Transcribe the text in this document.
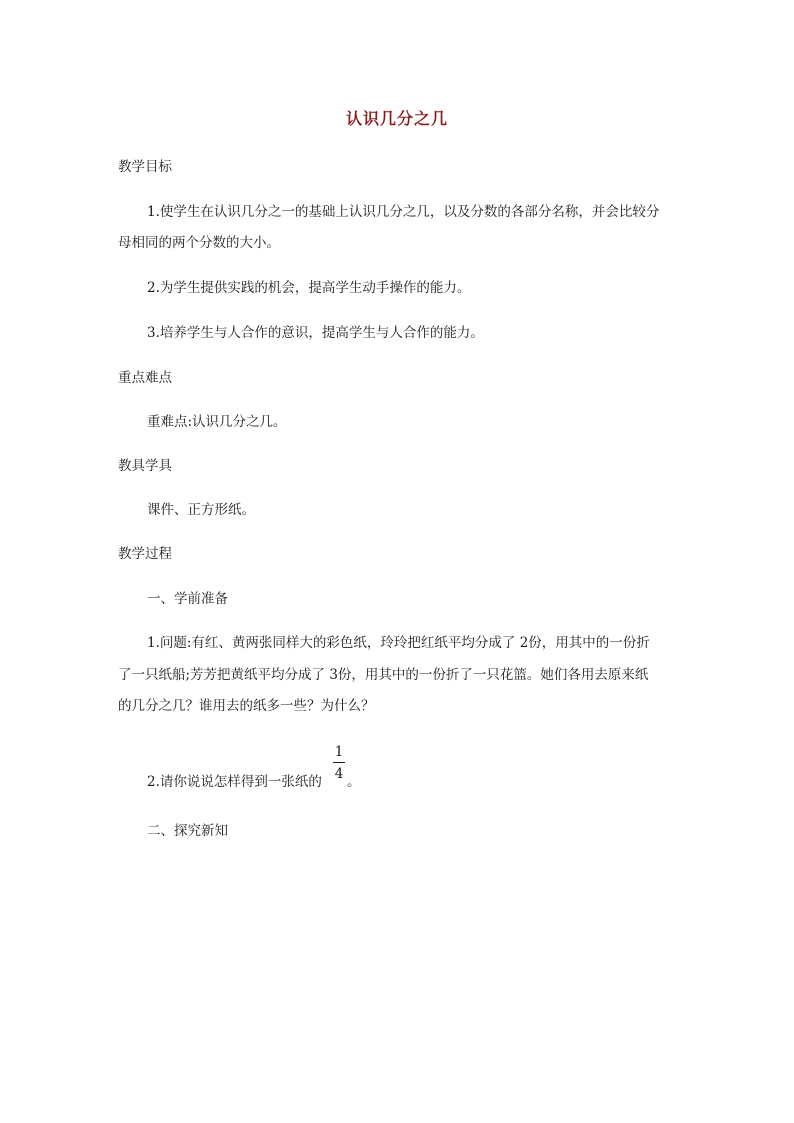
认识几分之几
教学目标
1.使学生在认识几分之一的基础上认识几分之几，以及分数的各部分名称，并会比较分
母相同的两个分数的大小。
2.为学生提供实践的机会，提高学生动手操作的能力。
3.培养学生与人合作的意识，提高学生与人合作的能力。
重点难点
重难点:认识几分之几。
教具学具
课件、正方形纸。
教学过程
一、学前准备
1.问题:有红、黄两张同样大的彩色纸，玲玲把红纸平均分成了 2份，用其中的一份折
了一只纸船;芳芳把黄纸平均分成了 3份，用其中的一份折了一只花篮。她们各用去原来纸
的几分之几？谁用去的纸多一些？为什么？
2.请你说说怎样得到一张纸的
1
4 。
二、探究新知
